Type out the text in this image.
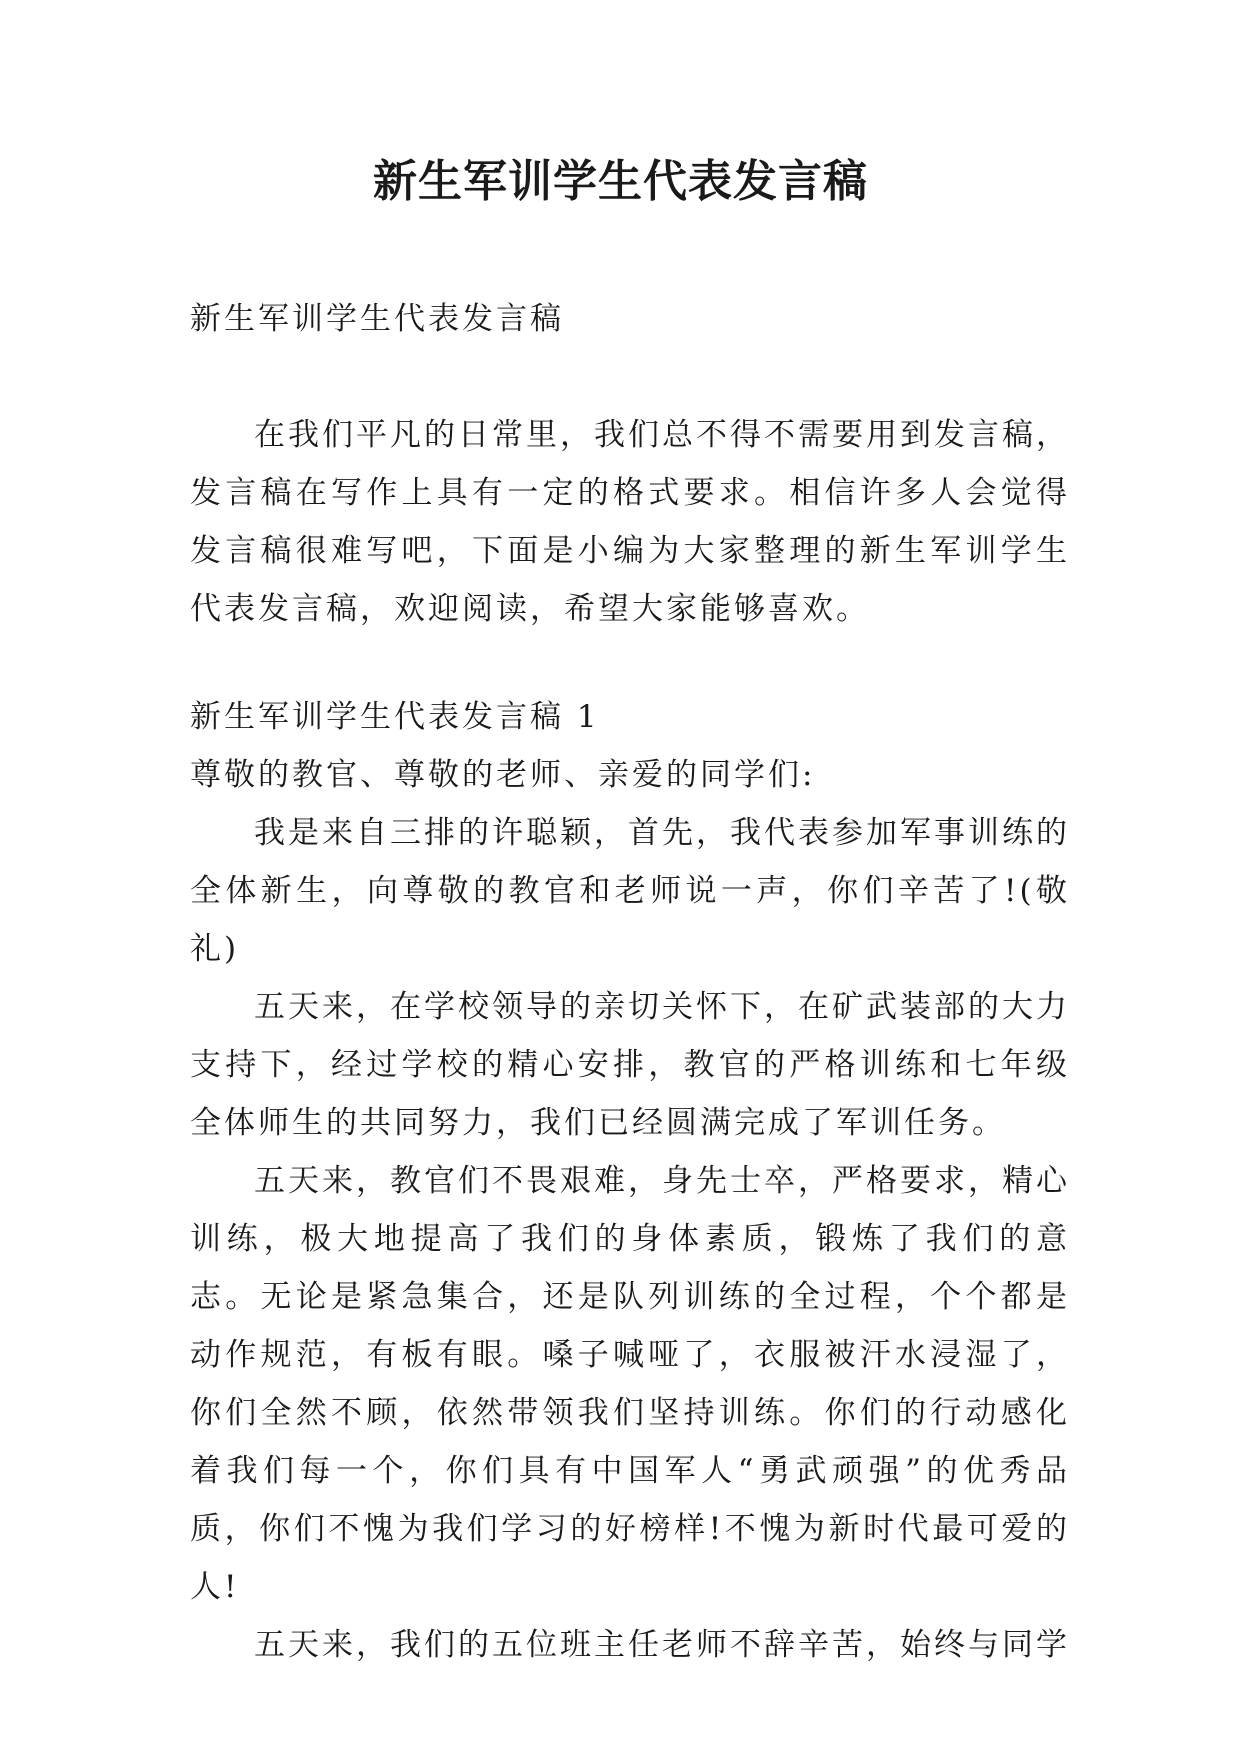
新生军训学生代表发言稿

新生军训学生代表发言稿

在我们平凡的日常里，我们总不得不需要用到发言稿，发言稿在写作上具有一定的格式要求。相信许多人会觉得发言稿很难写吧，下面是小编为大家整理的新生军训学生代表发言稿，欢迎阅读，希望大家能够喜欢。

新生军训学生代表发言稿 1

尊敬的教官、尊敬的老师、亲爱的同学们:

我是来自三排的许聪颖，首先，我代表参加军事训练的全体新生，向尊敬的教官和老师说一声，你们辛苦了!(敬礼)

五天来，在学校领导的亲切关怀下，在矿武装部的大力支持下，经过学校的精心安排，教官的严格训练和七年级全体师生的共同努力，我们已经圆满完成了军训任务。

五天来，教官们不畏艰难，身先士卒，严格要求，精心训练，极大地提高了我们的身体素质，锻炼了我们的意志。无论是紧急集合，还是队列训练的全过程，个个都是动作规范，有板有眼。嗓子喊哑了，衣服被汗水浸湿了，你们全然不顾，依然带领我们坚持训练。你们的行动感化着我们每一个，你们具有中国军人“勇武顽强”的优秀品质，你们不愧为我们学习的好榜样!不愧为新时代最可爱的人!

五天来，我们的五位班主任老师不辞辛苦，始终与同学
